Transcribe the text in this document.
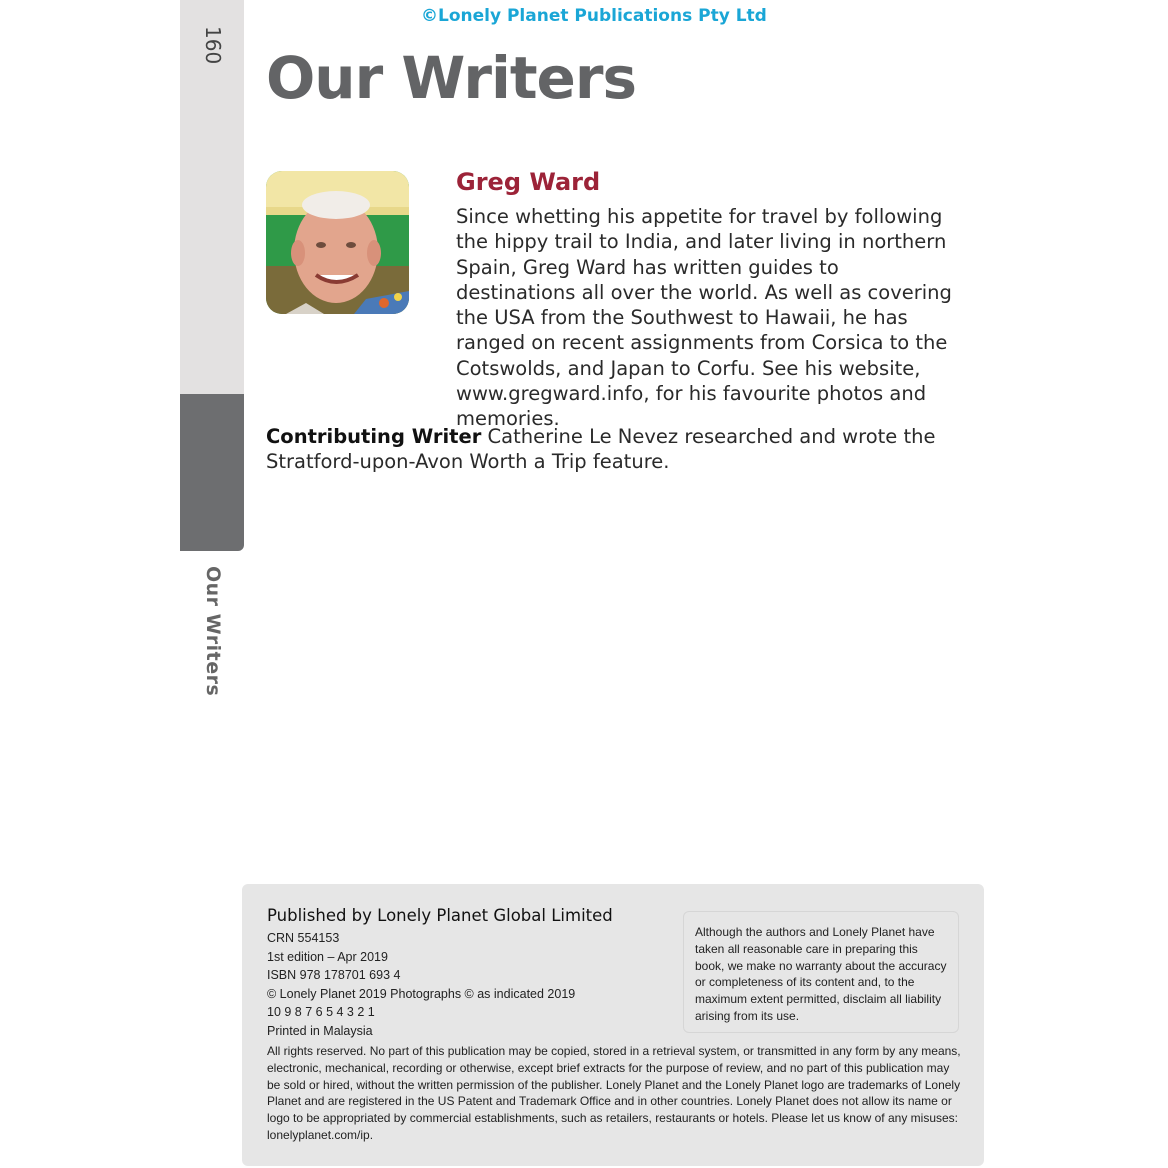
©Lonely Planet Publications Pty Ltd
160
Our Writers
Our Writers
Greg Ward

Since whetting his appetite for travel by following the hippy trail to India, and later living in northern Spain, Greg Ward has written guides to destinations all over the world. As well as covering the USA from the Southwest to Hawaii, he has ranged on recent assignments from Corsica to the Cotswolds, and Japan to Corfu. See his website, www.gregward.info, for his favourite photos and memories.

Contributing Writer Catherine Le Nevez researched and wrote the Stratford-upon-Avon Worth a Trip feature.

Published by Lonely Planet Global Limited
CRN 554153
1st edition – Apr 2019
ISBN 978 178701 693 4
© Lonely Planet 2019 Photographs © as indicated 2019
10 9 8 7 6 5 4 3 2 1
Printed in Malaysia
Although the authors and Lonely Planet have taken all reasonable care in preparing this book, we make no warranty about the accuracy or completeness of its content and, to the maximum extent permitted, disclaim all liability arising from its use.
All rights reserved. No part of this publication may be copied, stored in a retrieval system, or transmitted in any form by any means, electronic, mechanical, recording or otherwise, except brief extracts for the purpose of review, and no part of this publication may be sold or hired, without the written permission of the publisher. Lonely Planet and the Lonely Planet logo are trademarks of Lonely Planet and are registered in the US Patent and Trademark Office and in other countries. Lonely Planet does not allow its name or logo to be appropriated by commercial establishments, such as retailers, restaurants or hotels. Please let us know of any misuses: lonelyplanet.com/ip.
